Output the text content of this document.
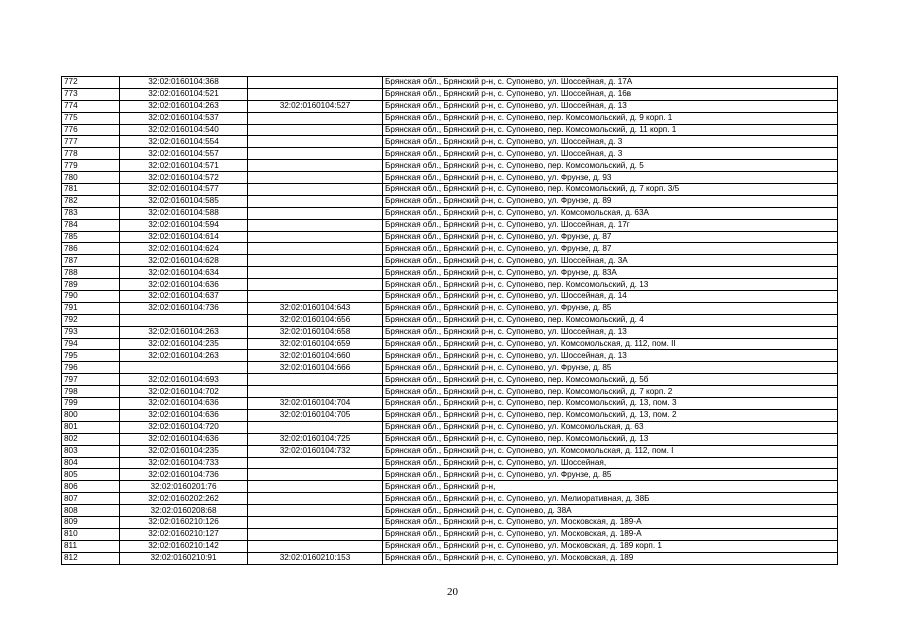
772	32:02:0160104:368		Брянская обл., Брянский р-н, с. Супонево, ул. Шоссейная, д. 17А
773	32:02:0160104:521		Брянская обл., Брянский р-н, с. Супонево, ул. Шоссейная, д. 16в
774	32:02:0160104:263	32:02:0160104:527	Брянская обл., Брянский р-н, с. Супонево, ул. Шоссейная, д. 13
775	32:02:0160104:537		Брянская обл., Брянский р-н, с. Супонево, пер. Комсомольский, д. 9 корп. 1
776	32:02:0160104:540		Брянская обл., Брянский р-н, с. Супонево, пер. Комсомольский, д. 11 корп. 1
777	32:02:0160104:554		Брянская обл., Брянский р-н, с. Супонево, ул. Шоссейная, д. 3
778	32:02:0160104:557		Брянская обл., Брянский р-н, с. Супонево, ул. Шоссейная, д. 3
779	32:02:0160104:571		Брянская обл., Брянский р-н, с. Супонево, пер. Комсомольский, д. 5
780	32:02:0160104:572		Брянская обл., Брянский р-н, с. Супонево, ул. Фрунзе, д. 93
781	32:02:0160104:577		Брянская обл., Брянский р-н, с. Супонево, пер. Комсомольский, д. 7 корп. 3/5
782	32:02:0160104:585		Брянская обл., Брянский р-н, с. Супонево, ул. Фрунзе, д. 89
783	32:02:0160104:588		Брянская обл., Брянский р-н, с. Супонево, ул. Комсомольская, д. 63А
784	32:02:0160104:594		Брянская обл., Брянский р-н, с. Супонево, ул. Шоссейная, д. 17г
785	32:02:0160104:614		Брянская обл., Брянский р-н, с. Супонево, ул. Фрунзе, д. 87
786	32:02:0160104:624		Брянская обл., Брянский р-н, с. Супонево, ул. Фрунзе, д. 87
787	32:02:0160104:628		Брянская обл., Брянский р-н, с. Супонево, ул. Шоссейная, д. 3А
788	32:02:0160104:634		Брянская обл., Брянский р-н, с. Супонево, ул. Фрунзе, д. 83А
789	32:02:0160104:636		Брянская обл., Брянский р-н, с. Супонево, пер. Комсомольский, д. 13
790	32:02:0160104:637		Брянская обл., Брянский р-н, с. Супонево, ул. Шоссейная, д. 14
791	32:02:0160104:736	32:02:0160104:643	Брянская обл., Брянский р-н, с. Супонево, ул. Фрунзе, д. 85
792		32:02:0160104:656	Брянская обл., Брянский р-н, с. Супонево, пер. Комсомольский, д. 4
793	32:02:0160104:263	32:02:0160104:658	Брянская обл., Брянский р-н, с. Супонево, ул. Шоссейная, д. 13
794	32:02:0160104:235	32:02:0160104:659	Брянская обл., Брянский р-н, с. Супонево, ул. Комсомольская, д. 112, пом. II
795	32:02:0160104:263	32:02:0160104:660	Брянская обл., Брянский р-н, с. Супонево, ул. Шоссейная, д. 13
796		32:02:0160104:666	Брянская обл., Брянский р-н, с. Супонево, ул. Фрунзе, д. 85
797	32:02:0160104:693		Брянская обл., Брянский р-н, с. Супонево, пер. Комсомольский, д. 5б
798	32:02:0160104:702		Брянская обл., Брянский р-н, с. Супонево, пер. Комсомольский, д. 7 корп. 2
799	32:02:0160104:636	32:02:0160104:704	Брянская обл., Брянский р-н, с. Супонево, пер. Комсомольский, д. 13, пом. 3
800	32:02:0160104:636	32:02:0160104:705	Брянская обл., Брянский р-н, с. Супонево, пер. Комсомольский, д. 13, пом. 2
801	32:02:0160104:720		Брянская обл., Брянский р-н, с. Супонево, ул. Комсомольская, д. 63
802	32:02:0160104:636	32:02:0160104:725	Брянская обл., Брянский р-н, с. Супонево, пер. Комсомольский, д. 13
803	32:02:0160104:235	32:02:0160104:732	Брянская обл., Брянский р-н, с. Супонево, ул. Комсомольская, д. 112, пом. I
804	32:02:0160104:733		Брянская обл., Брянский р-н, с. Супонево, ул. Шоссейная,
805	32:02:0160104:736		Брянская обл., Брянский р-н, с. Супонево, ул. Фрунзе, д. 85
806	32:02:0160201:76		Брянская обл., Брянский р-н,
807	32:02:0160202:262		Брянская обл., Брянский р-н, с. Супонево, ул. Мелиоративная, д. 38Б
808	32:02:0160208:68		Брянская обл., Брянский р-н, с. Супонево, д. 38А
809	32:02:0160210:126		Брянская обл., Брянский р-н, с. Супонево, ул. Московская, д. 189-А
810	32:02:0160210:127		Брянская обл., Брянский р-н, с. Супонево, ул. Московская, д. 189-А
811	32:02:0160210:142		Брянская обл., Брянский р-н, с. Супонево, ул. Московская, д. 189 корп. 1
812	32:02:0160210:91	32:02:0160210:153	Брянская обл., Брянский р-н, с. Супонево, ул. Московская, д. 189
20
